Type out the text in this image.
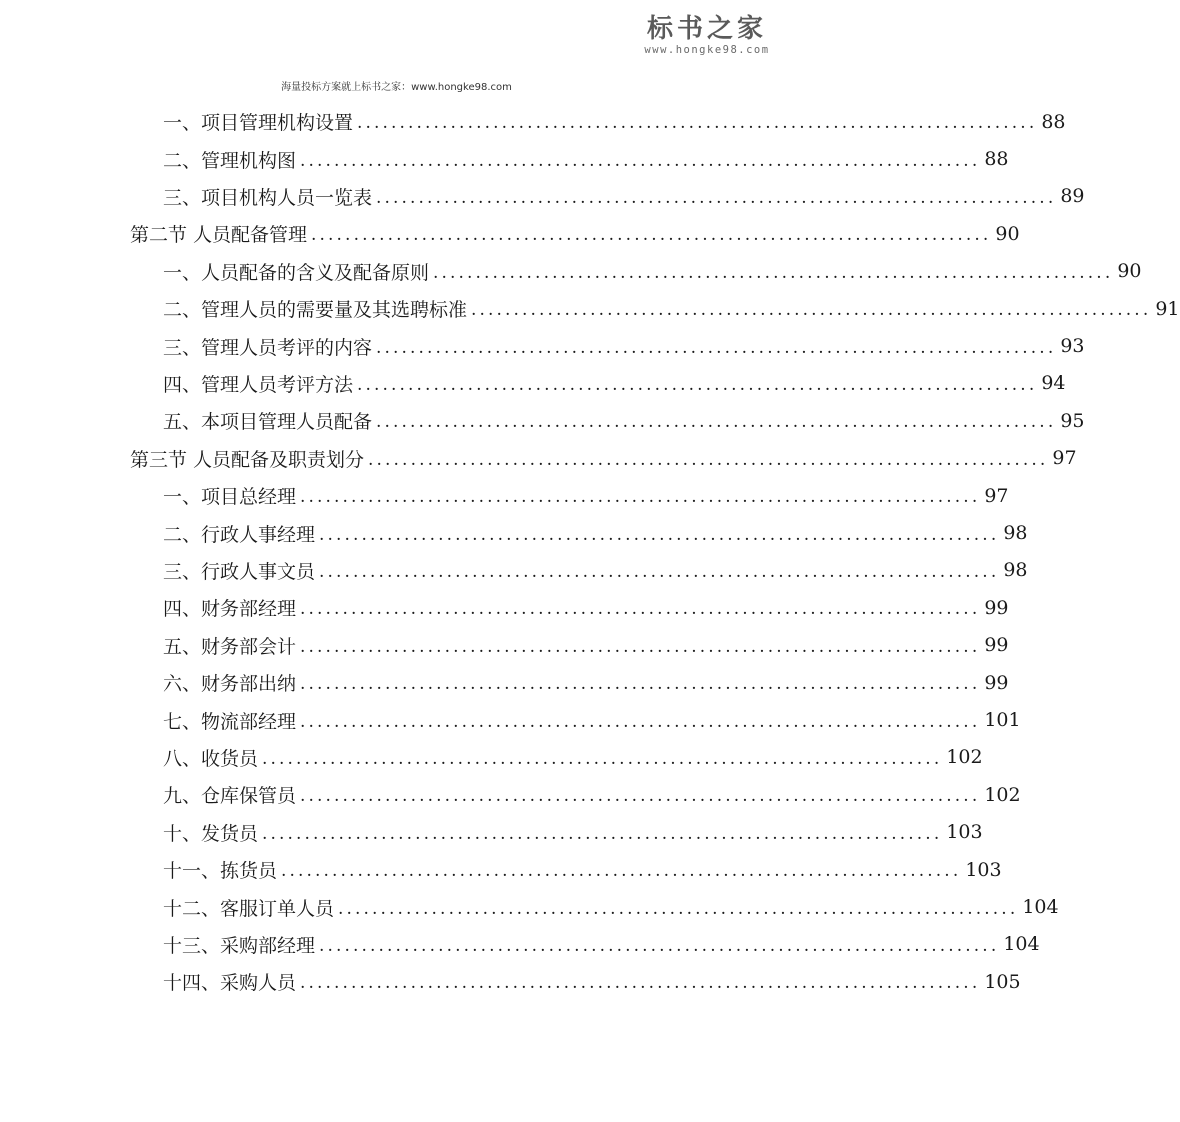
标书之家
www.hongke98.com
海量投标方案就上标书之家：www.hongke98.com
一、项目管理机构设置 ................................................................................ 88
二、管理机构图 ................................................................................ 88
三、项目机构人员一览表 ................................................................................ 89
第二节 人员配备管理 ................................................................................ 90
一、人员配备的含义及配备原则 ................................................................................ 90
二、管理人员的需要量及其选聘标准 ................................................................................ 91
三、管理人员考评的内容 ................................................................................ 93
四、管理人员考评方法 ................................................................................ 94
五、本项目管理人员配备 ................................................................................ 95
第三节 人员配备及职责划分 ................................................................................ 97
一、项目总经理 ................................................................................ 97
二、行政人事经理 ................................................................................ 98
三、行政人事文员 ................................................................................ 98
四、财务部经理 ................................................................................ 99
五、财务部会计 ................................................................................ 99
六、财务部出纳 ................................................................................ 99
七、物流部经理 ................................................................................ 101
八、收货员 ................................................................................ 102
九、仓库保管员 ................................................................................ 102
十、发货员 ................................................................................ 103
十一、拣货员 ................................................................................ 103
十二、客服订单人员 ................................................................................ 104
十三、采购部经理 ................................................................................ 104
十四、采购人员 ................................................................................ 105
